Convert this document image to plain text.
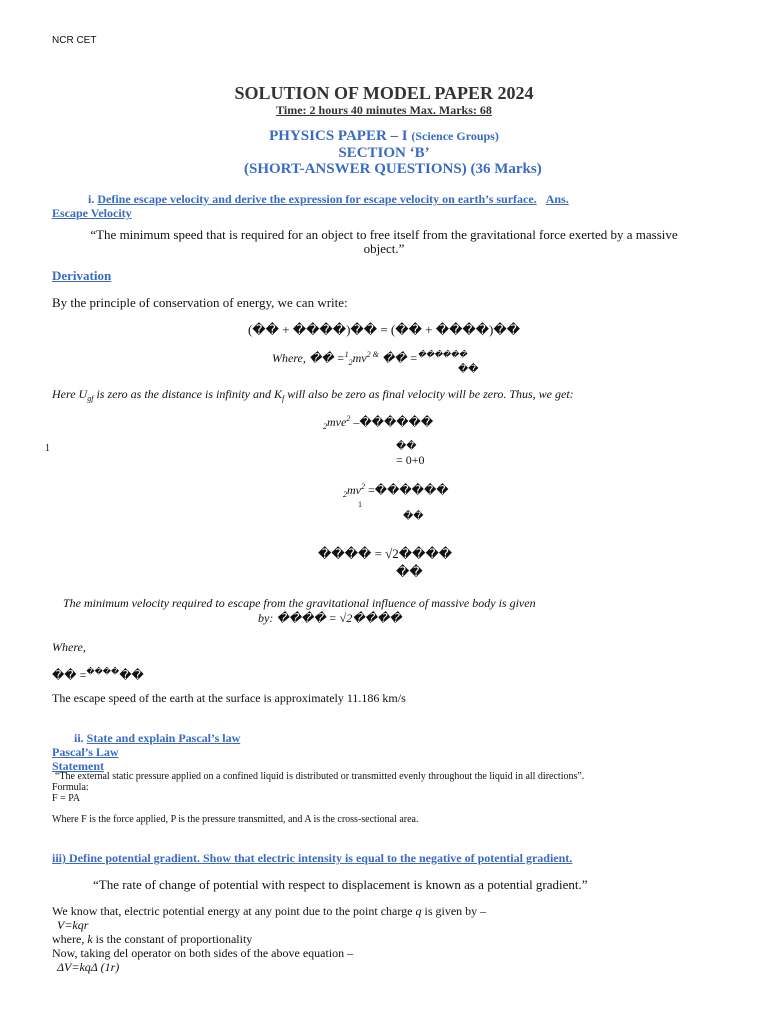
NCR CET
SOLUTION OF MODEL PAPER 2024
Time: 2 hours 40 minutes Max. Marks: 68
PHYSICS PAPER – I (Science Groups)
SECTION ‘B’
(SHORT-ANSWER QUESTIONS) (36 Marks)
i. Define escape velocity and derive the expression for escape velocity on earth’s surface. Ans.
Escape Velocity
“The minimum speed that is required for an object to free itself from the gravitational force exerted by a massive
object.”
Derivation
By the principle of conservation of energy, we can write:
(�� + ����)�� = (�� + ����)��
Where, �� $=^1_2mv^{2 \&}$ �� =������
��
Here $U_{gf}$ is zero as the distance is infinity and $K_f$ will also be zero as final velocity will be zero. Thus, we get:
$_2$mve$^2$ –������
1	��
= 0+0
$_2mv^2$ =������
1
��
���� = √2����
��
The minimum velocity required to escape from the gravitational influence of massive body is given
by: ���� = √2����
Where,
�� =������
The escape speed of the earth at the surface is approximately 11.186 km/s
ii. State and explain Pascal’s law
Pascal’s Law
Statement
“The external static pressure applied on a confined liquid is distributed or transmitted evenly throughout the liquid in all directions”.
Formula:
F = PA
Where F is the force applied, P is the pressure transmitted, and A is the cross-sectional area.
iii) Define potential gradient. Show that electric intensity is equal to the negative of potential gradient.
“The rate of change of potential with respect to displacement is known as a potential gradient.”
We know that, electric potential energy at any point due to the point charge q is given by –
V=kqr
where, k is the constant of proportionality
Now, taking del operator on both sides of the above equation –
ΔV=kqΔ (1r)
